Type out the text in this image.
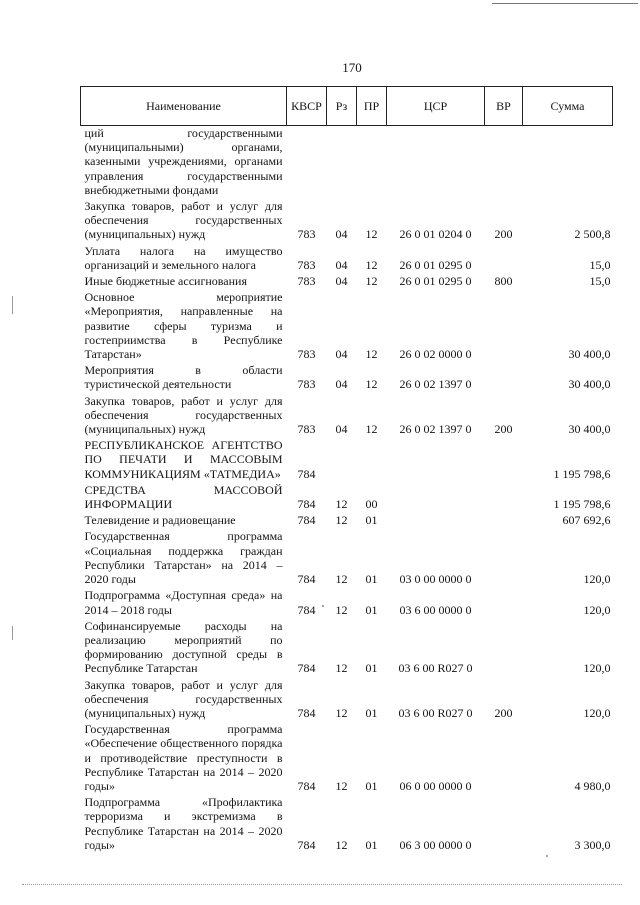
170
Наименование	КВСР	Рз	ПР	ЦСР	ВР	Сумма
ций государственными (муниципальными) органами, казенными учреждениями, органами управления государственными внебюджетными фондами						
Закупка товаров, работ и услуг для обеспечения государственных (муниципальных) нужд	783	04	12	26 0 01 0204 0	200	2 500,8
Уплата налога на имущество организаций и земельного налога	783	04	12	26 0 01 0295 0		15,0
Иные бюджетные ассигнования	783	04	12	26 0 01 0295 0	800	15,0
Основное мероприятие «Мероприятия, направленные на развитие сферы туризма и гостеприимства в Республике Татарстан»	783	04	12	26 0 02 0000 0		30 400,0
Мероприятия в области туристической деятельности	783	04	12	26 0 02 1397 0		30 400,0
Закупка товаров, работ и услуг для обеспечения государственных (муниципальных) нужд	783	04	12	26 0 02 1397 0	200	30 400,0
РЕСПУБЛИКАНСКОЕ АГЕНТСТВО ПО ПЕЧАТИ И МАССОВЫМ КОММУНИКАЦИЯМ «ТАТМЕДИА»	784					1 195 798,6
СРЕДСТВА МАССОВОЙ ИНФОРМАЦИИ	784	12	00			1 195 798,6
Телевидение и радиовещание	784	12	01			607 692,6
Государственная программа «Социальная поддержка граждан Республики Татарстан» на 2014 – 2020 годы	784	12	01	03 0 00 0000 0		120,0
Подпрограмма «Доступная среда» на 2014 – 2018 годы	784	12	01	03 6 00 0000 0		120,0
Софинансируемые расходы на реализацию мероприятий по формированию доступной среды в Республике Татарстан	784	12	01	03 6 00 R027 0		120,0
Закупка товаров, работ и услуг для обеспечения государственных (муниципальных) нужд	784	12	01	03 6 00 R027 0	200	120,0
Государственная программа «Обеспечение общественного порядка и противодействие преступности в Республике Татарстан на 2014 – 2020 годы»	784	12	01	06 0 00 0000 0		4 980,0
Подпрограмма «Профилактика терроризма и экстремизма в Республике Татарстан на 2014 – 2020 годы»	784	12	01	06 3 00 0000 0		3 300,0
